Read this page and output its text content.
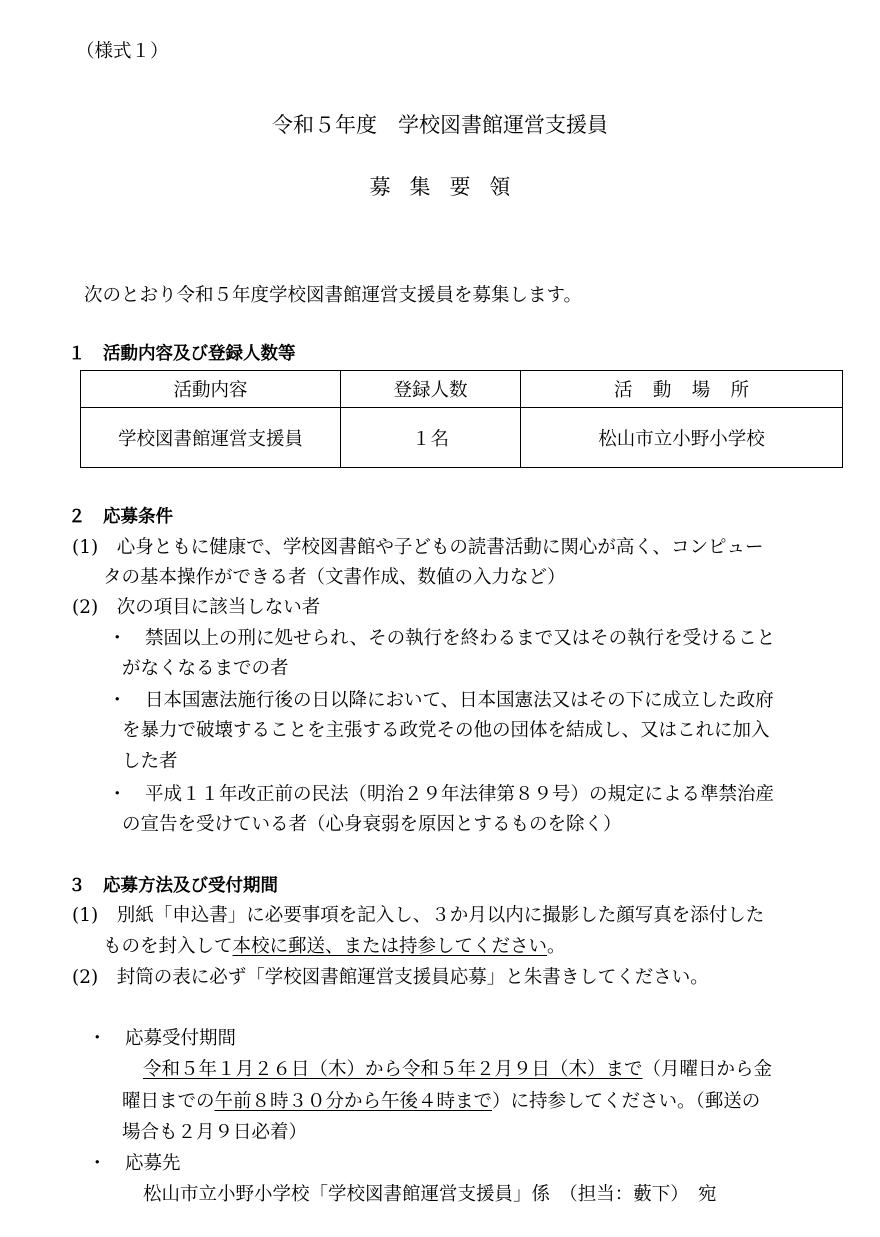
（様式１）
令和５年度　学校図書館運営支援員
募集要領
次のとおり令和５年度学校図書館運営支援員を募集します。
１　活動内容及び登録人数等
活動内容	登録人数	活動場所
学校図書館運営支援員	１名	松山市立小野小学校
２　応募条件
(1)　心身ともに健康で、学校図書館や子どもの読書活動に関心が高く、コンピュー
タの基本操作ができる者（文書作成、数値の入力など）
(2)　次の項目に該当しない者
・　禁固以上の刑に処せられ、その執行を終わるまで又はその執行を受けること
がなくなるまでの者
・　日本国憲法施行後の日以降において、日本国憲法又はその下に成立した政府
を暴力で破壊することを主張する政党その他の団体を結成し、又はこれに加入
した者
・　平成１１年改正前の民法（明治２９年法律第８９号）の規定による準禁治産
の宣告を受けている者（心身衰弱を原因とするものを除く）
３　応募方法及び受付期間
(1)　別紙「申込書」に必要事項を記入し、３か月以内に撮影した顔写真を添付した
ものを封入して本校に郵送、または持参してください。
(2)　封筒の表に必ず「学校図書館運営支援員応募」と朱書きしてください。
・　応募受付期間
令和５年１月２６日（木）から令和５年２月９日（木）まで（月曜日から金
曜日までの午前８時３０分から午後４時まで）に持参してください。（郵送の
場合も２月９日必着）
・　応募先
松山市立小野小学校「学校図書館運営支援員」係　（担当：藪下）　宛
